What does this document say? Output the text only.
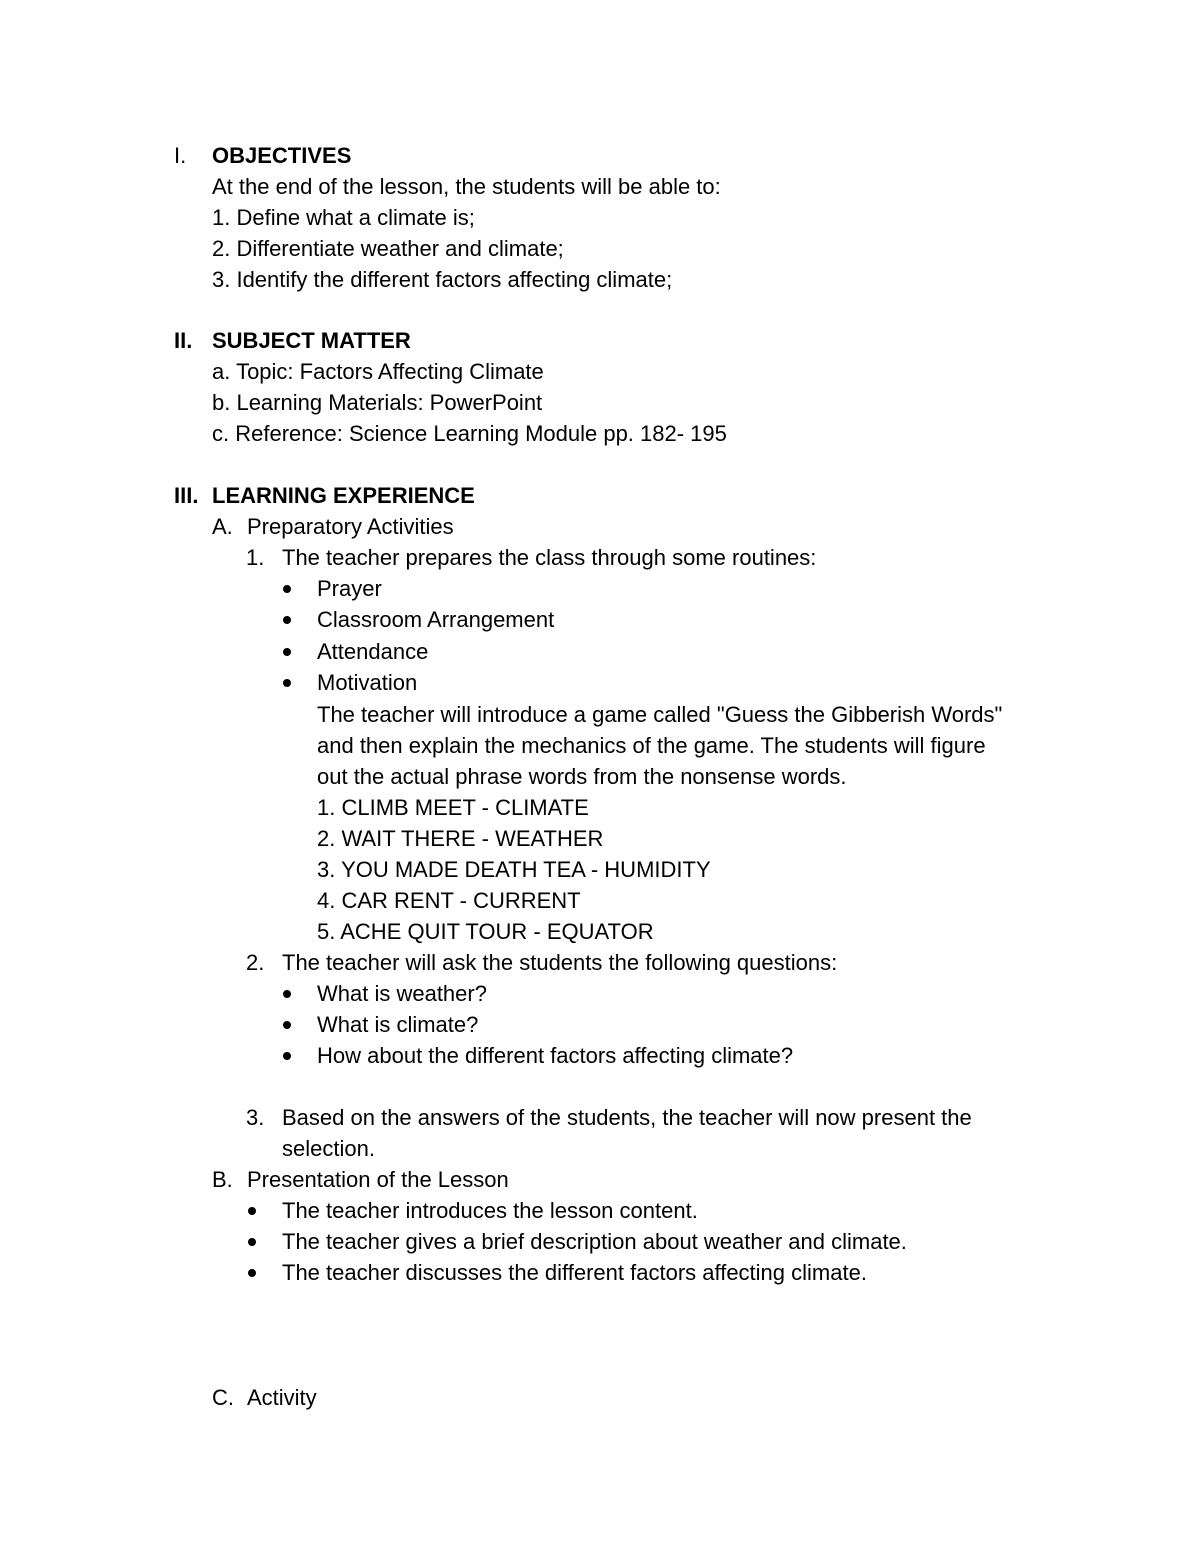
I. OBJECTIVES
At the end of the lesson, the students will be able to:
1. Define what a climate is;
2. Differentiate weather and climate;
3. Identify the different factors affecting climate;
II. SUBJECT MATTER
a. Topic: Factors Affecting Climate
b. Learning Materials: PowerPoint
c. Reference: Science Learning Module pp. 182- 195
III. LEARNING EXPERIENCE
A. Preparatory Activities
1. The teacher prepares the class through some routines:
Prayer
Classroom Arrangement
Attendance
Motivation
The teacher will introduce a game called "Guess the Gibberish Words"
and then explain the mechanics of the game. The students will figure
out the actual phrase words from the nonsense words.
1. CLIMB MEET - CLIMATE
2. WAIT THERE - WEATHER
3. YOU MADE DEATH TEA - HUMIDITY
4. CAR RENT - CURRENT
5. ACHE QUIT TOUR - EQUATOR
2. The teacher will ask the students the following questions:
What is weather?
What is climate?
How about the different factors affecting climate?
3. Based on the answers of the students, the teacher will now present the
selection.
B. Presentation of the Lesson
The teacher introduces the lesson content.
The teacher gives a brief description about weather and climate.
The teacher discusses the different factors affecting climate.
C. Activity
